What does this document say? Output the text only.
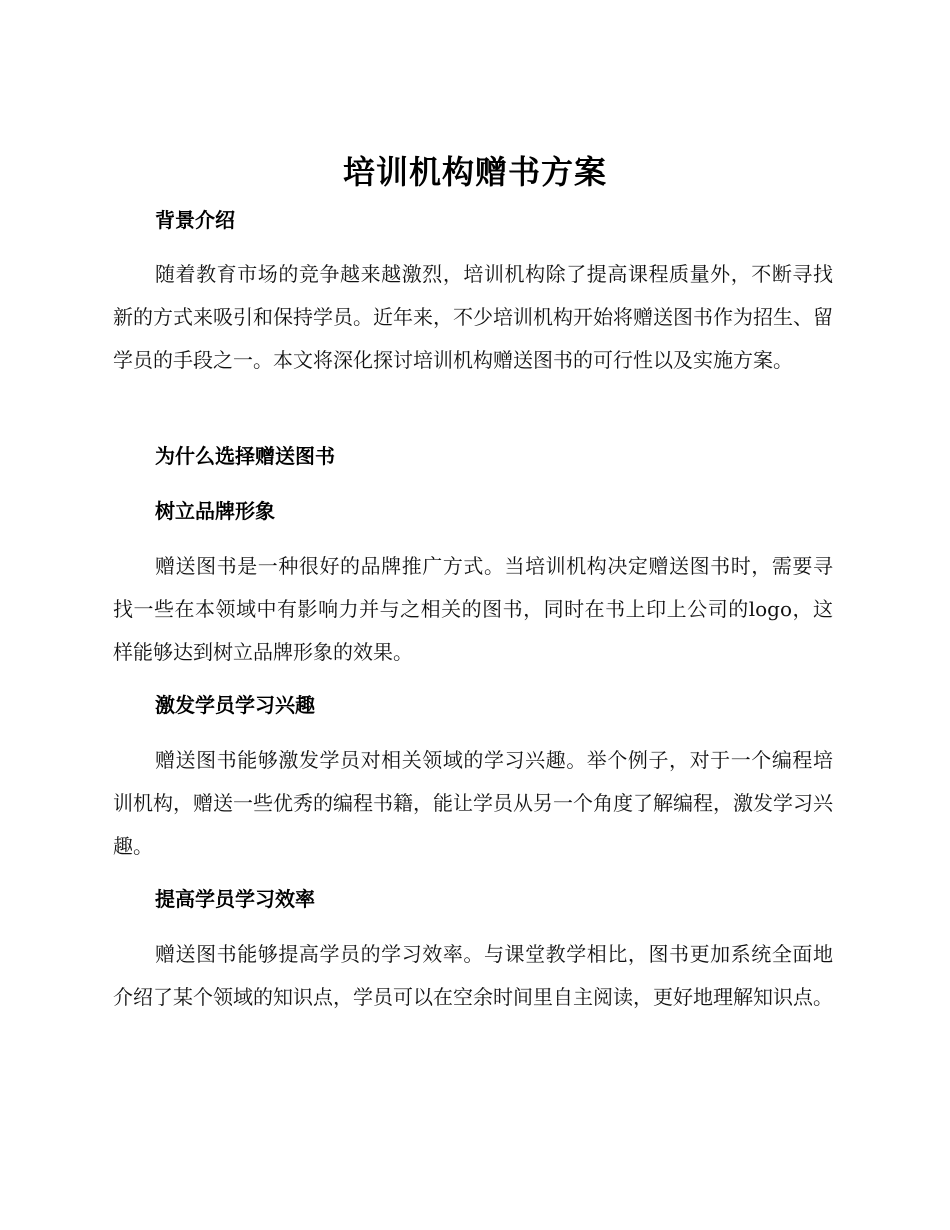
培训机构赠书方案
背景介绍
随着教育市场的竞争越来越激烈，培训机构除了提高课程质量外，不断寻找新的方式来吸引和保持学员。近年来，不少培训机构开始将赠送图书作为招生、留学员的手段之一。本文将深化探讨培训机构赠送图书的可行性以及实施方案。
为什么选择赠送图书
树立品牌形象
赠送图书是一种很好的品牌推广方式。当培训机构决定赠送图书时，需要寻找一些在本领域中有影响力并与之相关的图书，同时在书上印上公司的logo，这样能够达到树立品牌形象的效果。
激发学员学习兴趣
赠送图书能够激发学员对相关领域的学习兴趣。举个例子，对于一个编程培训机构，赠送一些优秀的编程书籍，能让学员从另一个角度了解编程，激发学习兴趣。
提高学员学习效率
赠送图书能够提高学员的学习效率。与课堂教学相比，图书更加系统全面地介绍了某个领域的知识点，学员可以在空余时间里自主阅读，更好地理解知识点。
